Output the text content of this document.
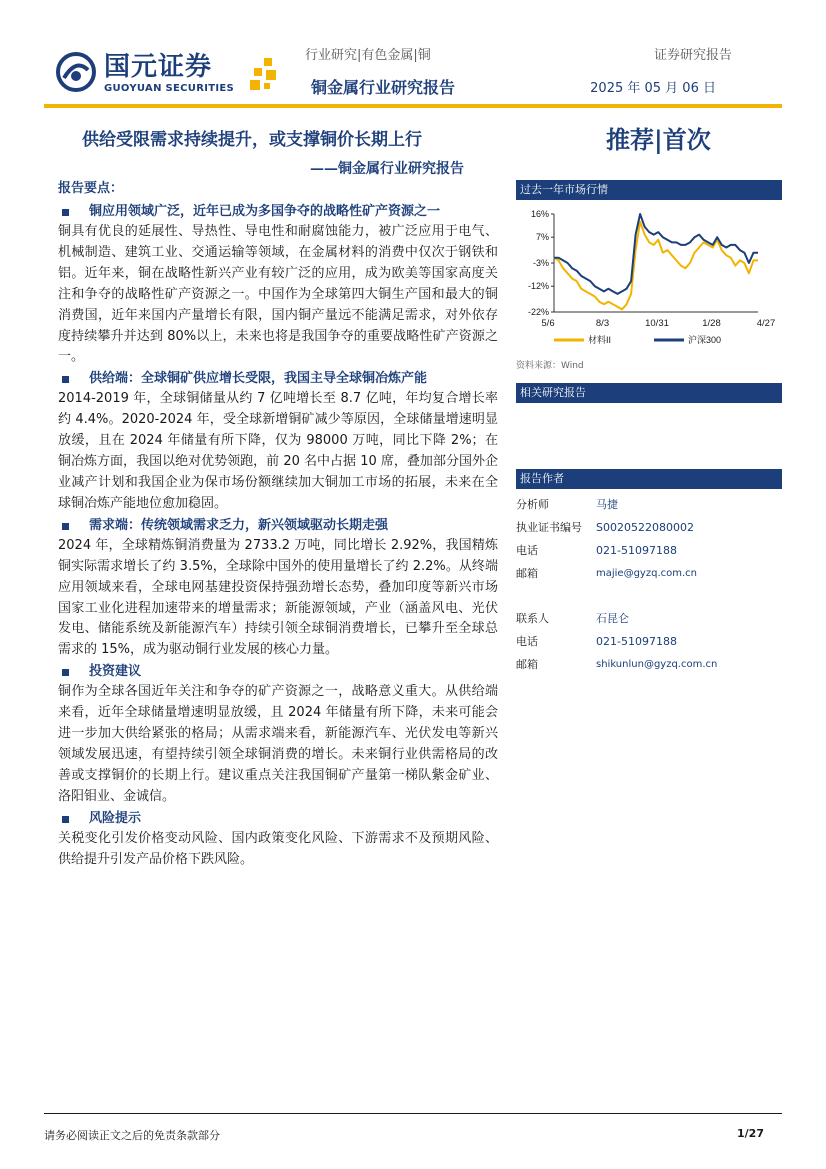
国元证券
GUOYUAN SECURITIES
行业研究|有色金属|铜
铜金属行业研究报告
证券研究报告
2025 年 05 月 06 日
供给受限需求持续提升，或支撑铜价长期上行
——铜金属行业研究报告
推荐|首次
报告要点：
铜应用领域广泛，近年已成为多国争夺的战略性矿产资源之一
铜具有优良的延展性、导热性、导电性和耐腐蚀能力，被广泛应用于电气、机械制造、建筑工业、交通运输等领域，在金属材料的消费中仅次于钢铁和铝。近年来，铜在战略性新兴产业有较广泛的应用，成为欧美等国家高度关注和争夺的战略性矿产资源之一。中国作为全球第四大铜生产国和最大的铜消费国，近年来国内产量增长有限，国内铜产量远不能满足需求，对外依存度持续攀升并达到 80%以上，未来也将是我国争夺的重要战略性矿产资源之一。
供给端：全球铜矿供应增长受限，我国主导全球铜冶炼产能
2014-2019 年，全球铜储量从约 7 亿吨增长至 8.7 亿吨，年均复合增长率约 4.4%。2020-2024 年，受全球新增铜矿减少等原因，全球储量增速明显放缓，且在 2024 年储量有所下降，仅为 98000 万吨，同比下降 2%；在铜冶炼方面，我国以绝对优势领跑，前 20 名中占据 10 席，叠加部分国外企业减产计划和我国企业为保市场份额继续加大铜加工市场的拓展，未来在全球铜冶炼产能地位愈加稳固。
需求端：传统领域需求乏力，新兴领域驱动长期走强
2024 年，全球精炼铜消费量为 2733.2 万吨，同比增长 2.92%，我国精炼铜实际需求增长了约 3.5%，全球除中国外的使用量增长了约 2.2%。从终端应用领域来看，全球电网基建投资保持强劲增长态势，叠加印度等新兴市场国家工业化进程加速带来的增量需求；新能源领域，产业（涵盖风电、光伏发电、储能系统及新能源汽车）持续引领全球铜消费增长，已攀升至全球总需求的 15%，成为驱动铜行业发展的核心力量。
投资建议
铜作为全球各国近年关注和争夺的矿产资源之一，战略意义重大。从供给端来看，近年全球储量增速明显放缓，且 2024 年储量有所下降，未来可能会进一步加大供给紧张的格局；从需求端来看，新能源汽车、光伏发电等新兴领域发展迅速，有望持续引领全球铜消费的增长。未来铜行业供需格局的改善或支撑铜价的长期上行。建议重点关注我国铜矿产量第一梯队紫金矿业、洛阳钼业、金诚信。
风险提示
关税变化引发价格变动风险、国内政策变化风险、下游需求不及预期风险、供给提升引发产品价格下跌风险。
过去一年市场行情
16%
7%
-3%
-12%
-22%
5/6	8/3	10/31	1/28	4/27
材料II	沪深300
资料来源：Wind
相关研究报告
报告作者
分析师	马捷
执业证书编号	S0020522080002
电话	021-51097188
邮箱	majie@gyzq.com.cn
联系人	石昆仑
电话	021-51097188
邮箱	shikunlun@gyzq.com.cn
请务必阅读正文之后的免责条款部分	1/27
